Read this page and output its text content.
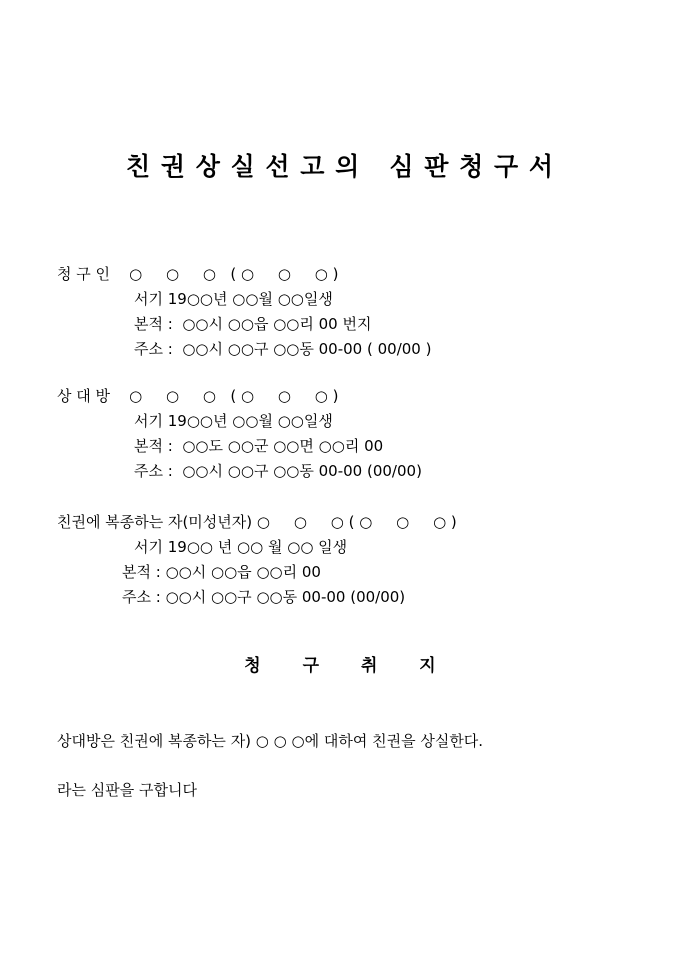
친 권 상 실 선 고 의   심 판 청 구 서
청 구 인    ○     ○     ○   ( ○     ○     ○ )
서기 19○○년 ○○월 ○○일생
본적 :  ○○시 ○○읍 ○○리 00 번지
주소 :  ○○시 ○○구 ○○동 00-00 ( 00/00 )
상 대 방    ○     ○     ○   ( ○     ○     ○ )
서기 19○○년 ○○월 ○○일생
본적 :  ○○도 ○○군 ○○면 ○○리 00
주소 :  ○○시 ○○구 ○○동 00-00 (00/00)
친권에 복종하는 자(미성년자) ○     ○     ○ ( ○     ○     ○ )
서기 19○○ 년 ○○ 월 ○○ 일생
본적 : ○○시 ○○읍 ○○리 00
주소 : ○○시 ○○구 ○○동 00-00 (00/00)
청 구 취 지
상대방은 친권에 복종하는 자) ○ ○ ○에 대하여 친권을 상실한다.
라는 심판을 구합니다
